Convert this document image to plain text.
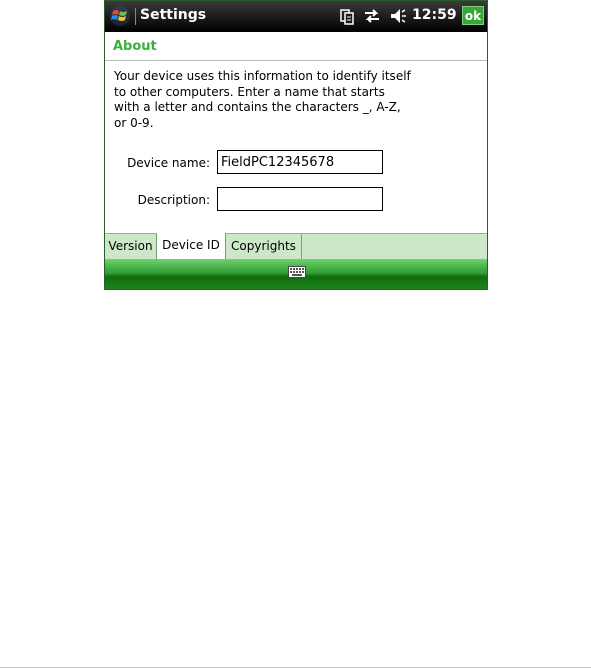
Settings	12:59 ok
About
Your device uses this information to identify itself to other computers. Enter a name that starts with a letter and contains the characters _, A-Z, or 0-9.
Device name:
FieldPC12345678
Description:
Version Device ID Copyrights
